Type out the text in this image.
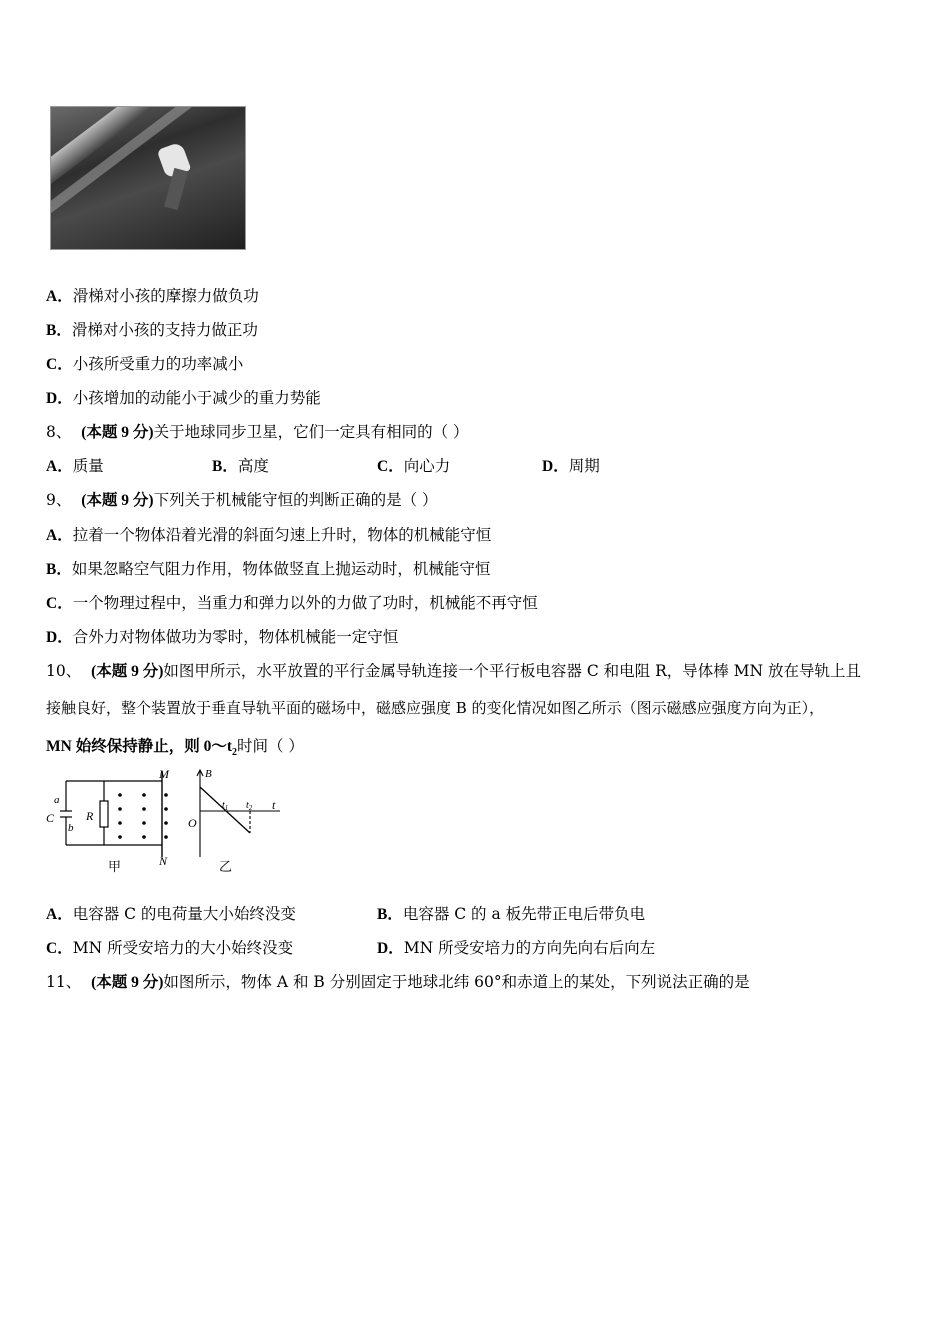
A．滑梯对小孩的摩擦力做负功
B．滑梯对小孩的支持力做正功
C．小孩所受重力的功率减小
D．小孩增加的动能小于减少的重力势能
8、 (本题 9 分)关于地球同步卫星，它们一定具有相同的（ ）
A．质量	B．高度	C．向心力	D．周期
9、 (本题 9 分)下列关于机械能守恒的判断正确的是（ ）
A．拉着一个物体沿着光滑的斜面匀速上升时，物体的机械能守恒
B．如果忽略空气阻力作用，物体做竖直上抛运动时，机械能守恒
C．一个物理过程中，当重力和弹力以外的力做了功时，机械能不再守恒
D．合外力对物体做功为零时，物体机械能一定守恒
10、 (本题 9 分)如图甲所示，水平放置的平行金属导轨连接一个平行板电容器 C 和电阻 R，导体棒 MN 放在导轨上且
接触良好，整个装置放于垂直导轨平面的磁场中，磁感应强度 B 的变化情况如图乙所示（图示磁感应强度方向为正），
MN 始终保持静止，则 $0\sim t_2$时间（ ）
a
C
b
R
M
N
甲
B
O
$t_1$ $t_2$ t
乙
A．电容器 C 的电荷量大小始终没变	B．电容器 C 的 a 板先带正电后带负电
C．MN 所受安培力的大小始终没变	D．MN 所受安培力的方向先向右后向左
11、 (本题 9 分)如图所示，物体 A 和 B 分别固定于地球北纬 60°和赤道上的某处，下列说法正确的是
